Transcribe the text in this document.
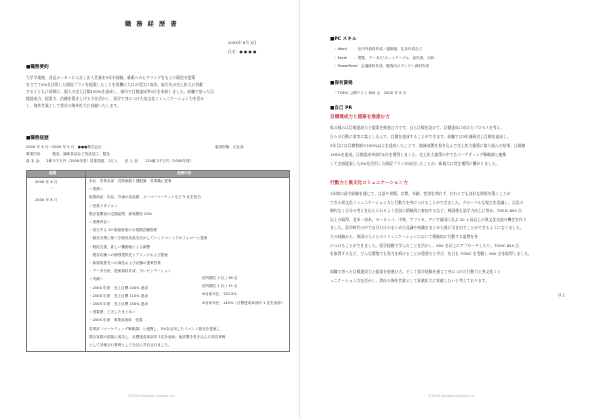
職 務 経 歴 書
200X年 8月 X日
氏名：● ● ● ●
■職務要約
大学卒業後、食品メーカーに入社し法人営業を5年半経験。量販へのヒアリングをもとに販促支援策
を立てて0%を活用した販促プランを提案したことを契機に大口の受注に成功。取引先の売上拡大に貢献
するとともに同期に、個人の売上目標150%を達成し、部内で目標達成率1位を表彰しました。前職で培った目
標達成力、提案力、信頼を築き上げる力を活かし、留学で身につけた英文化コミュニケーション力を活か
し、海外営業として貴社の海外拡大に貢献いたします。
■職務経歴
200X 年 X 月〜200X 年 5 月　●●●株式会社	雇用形態：正社員
事業内容：　　 製造、調味食品など食品加工、製造
資 本 金：　2億 5千万円（200X年度）従業員数：1万人　　売 上 高：　125億 2千万円（200X年度）
期間	業務内容
200X 年 X 月
〜
200X 年 X 月
本社　営業本部　長岡東販１課配属　営業職に従事
＜業務＞
取扱商品：缶詰、冷凍の食品類、スーパーマーケットなど 5 社を担当
＜営業スタイル＞
既存客開拓の定期訪問、新規開拓 20%
＜業務内容＞
・担当する 10 都道府県の小規模店舗管理
・販売予測に基づき販売用品を活かしていくイベントでのフォローと提案
・販促支援、新しい棚割案による調整
・既存店舗への個別提供先とアリングおよび提案
・新規取扱先への商品および店舗の提案営業
・データ分析、提案資料作成、プレゼンテーション
＜実績＞
・200X 年度　売上目標 100% 達成
・200X 年度　売上目標 110% 達成
・200X 年度　売上目標 150% 達成
＜受賞歴、工夫したまとめ＞
・200X 年度　事業部表彰　受賞
営業部（マーケティング戦略課）と連携し、5%を活用したイベント販売を提案し、
間合客数の拡販に成功し、目標達成率部内 1位を表彰。他部署を巻き込んだ成功事例
として評価され事例として全社に共有されました。
部内順位 2 位 / 18 名
部内順位 1 位 / 15 名
※対前年比：125.5%
※対前年比：145%（目標達成率部内 1 位を表彰）
©2024 Kyugaku Journal Inc.
■PC スキル
・Word　　：社内外資料作成／議事録、礼状作成など
・Excel　　：関数、データ/ピボットテーブル、表作成、分析
・PowerPoint：会議資料作成、顧客向けプレゼン資料作成
■保有資格
・TOEIC 公開テスト 850 点　200X 年 X 月
■自己 PR
目標達成力と提案を推進む力
私の強みは目標達成力と提案を推進む力です。自ら目標を設けて、目標達成に向けたプロセスを考え、
日々の行動に着実に落とし込んで、目標を達成することができます。前職では3年連続売上目標を達成し、
3年目には目標数値の150%以上を達成したことで、地域部署を巻き込んで売上拡大施策に取り組んだ結果、目標値
150%を達成。目標達成率部内1位を獲得しました。売上拡大施策の中でもマーケティング戦略課と連携
して企画提案した5%を活用した販促プランが成功したことが、新規大口受注獲得に繋がりました。
行動力と異文化コミュニケーション力
1年間の留学経験を通じて、言語や習慣、宗教、年齢、性別を問わず、だれとでも良好な関係を築くことが
できる異文化コミュニケーション力と行動力を身につけることができました。グローバルな視点を意識し、言語の
制約なく自分の考えを伝えられるよう会話に積極的に参加するなど、帰国後も語学力向上に努め、TOEIC 850 点
以上の取得、北米・南米、ヨーロッパ、中東、アフリカ、アジア諸国に及ぶ 20 ヵ国以上の異文化交流の機会を作り
ました。留学時代の中で自分だけのまとめた見識や知識をまとめた後に引き出すことができるようになりました。
その経験から、異国の人々とのコミュニケーションにおいて積極的に行動する姿勢を身
につけることができました。留学経験で学んだことを活かし、500 名以上にアプローチしたり、TOEIC 850 点
を取得するなど、どんな環境でも努力を続けることが重要だと学び、先日も TOEIC を受験し 900 点を取得しました。
前職で培った目標達成力と提案を推進む力、そして留学経験を通じて身につけた行動力と異文化コミ
ュニケーション力を活かし、貴社の海外営業として事業拡大に貢献したいと考えております。
以上
©2024 Kyugaku Journal Inc.
